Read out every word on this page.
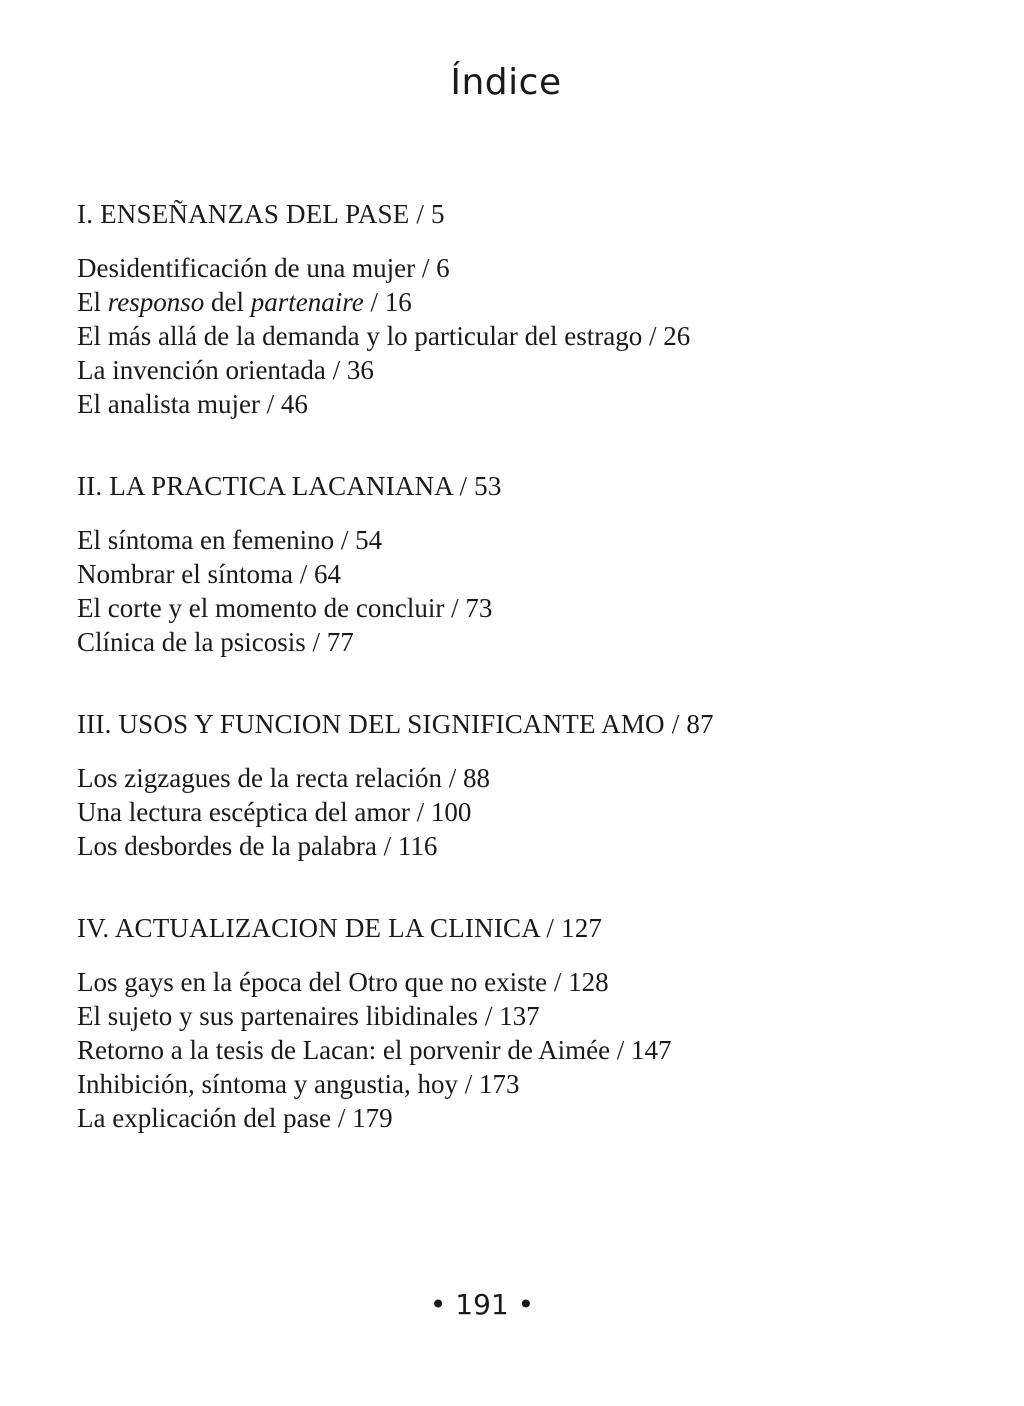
Índice

I. ENSEÑANZAS DEL PASE / 5

Desidentificación de una mujer / 6

El responso del partenaire / 16

El más allá de la demanda y lo particular del estrago / 26

La invención orientada / 36

El analista mujer / 46

II. LA PRACTICA LACANIANA / 53

El síntoma en femenino / 54

Nombrar el síntoma / 64

El corte y el momento de concluir / 73

Clínica de la psicosis / 77

III. USOS Y FUNCION DEL SIGNIFICANTE AMO / 87

Los zigzagues de la recta relación / 88

Una lectura escéptica del amor / 100

Los desbordes de la palabra / 116

IV. ACTUALIZACION DE LA CLINICA / 127

Los gays en la época del Otro que no existe / 128

El sujeto y sus partenaires libidinales / 137

Retorno a la tesis de Lacan: el porvenir de Aimée / 147

Inhibición, síntoma y angustia, hoy / 173

La explicación del pase / 179

• 191 •
